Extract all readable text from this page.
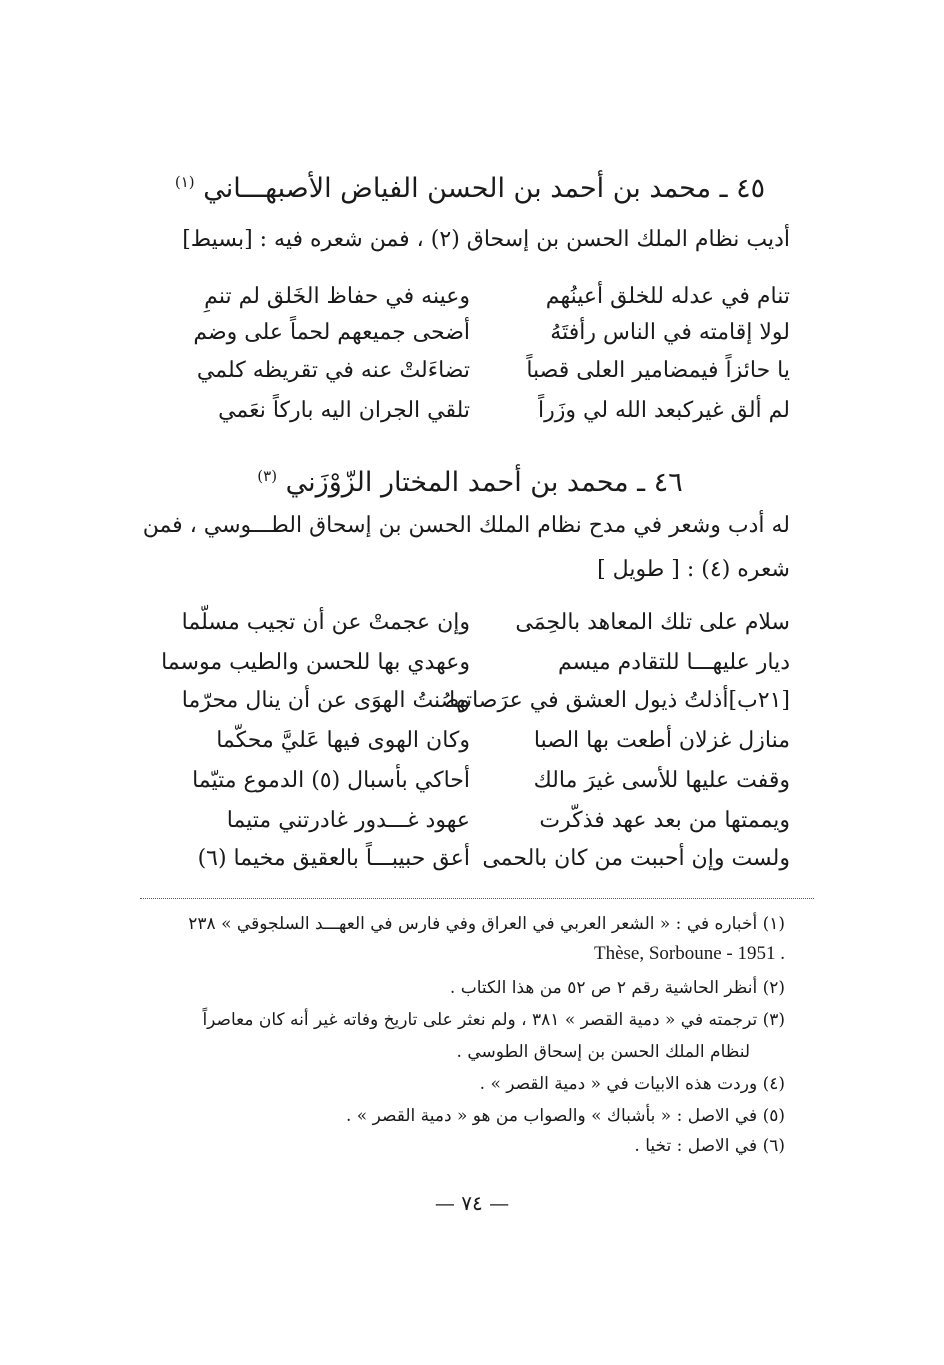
٤٥ ـ محمد بن أحمد بن الحسن الفياض الأصبهـــاني $^{(١)}$
أديب نظام الملك الحسن بن إسحاق (٢) ، فمن شعره فيه : [بسيط]
تنام في عدله للخلق أعينُهم
وعينه في حفاظ الخَلق لم تنمِ
لولا إقامته في الناس رأفتَهُ
أضحى جميعهم لحماً على وضم
يا حائزاً فيمضامير العلى قصباً
تضاءَلتْ عنه في تقريظه كلمي
لم ألق غيركبعد الله لي وزَراً
تلقي الجران اليه باركاً نعَمي
٤٦ ـ محمد بن أحمد المختار الزّوْزَني $^{(٣)}$
له أدب وشعر في مدح نظام الملك الحسن بن إسحاق الطـــوسي ، فمن
شعره (٤) : [ طويل ]
سلام على تلك المعاهد بالحِمَى
وإن عجمتْ عن أن تجيب مسلّما
ديار عليهـــا للتقادم ميسم
وعهدي بها للحسن والطيب موسما
[٢١ب]أذلتُ ذيول العشق في عرَصاتها
وصُنتُ الهوَى عن أن ينال محرّما
منازل غزلان أطعت بها الصبا
وكان الهوى فيها عَليَّ محكّما
وقفت عليها للأسى غيرَ مالك
أحاكي بأسبال (٥) الدموع متيّما
ويممتها من بعد عهد فذكّرت
عهود غـــدور غادرتني متيما
ولست وإن أحببت من كان بالحمى
أعق حبيبـــاً بالعقيق مخيما (٦)
(١) أخباره في : « الشعر العربي في العراق وفي فارس في العهـــد السلجوقي » ٢٣٨
Thèse, Sorboune - 1951 .
(٢) أنظر الحاشية رقم ٢ ص ٥٢ من هذا الكتاب .
(٣) ترجمته في « دمية القصر » ٣٨١ ، ولم نعثر على تاريخ وفاته غير أنه كان معاصراً
لنظام الملك الحسن بن إسحاق الطوسي .
(٤) وردت هذه الابيات في « دمية القصر » .
(٥) في الاصل : « بأشباك » والصواب من هو « دمية القصر » .
(٦) في الاصل : تخيا .
— ٧٤ —
